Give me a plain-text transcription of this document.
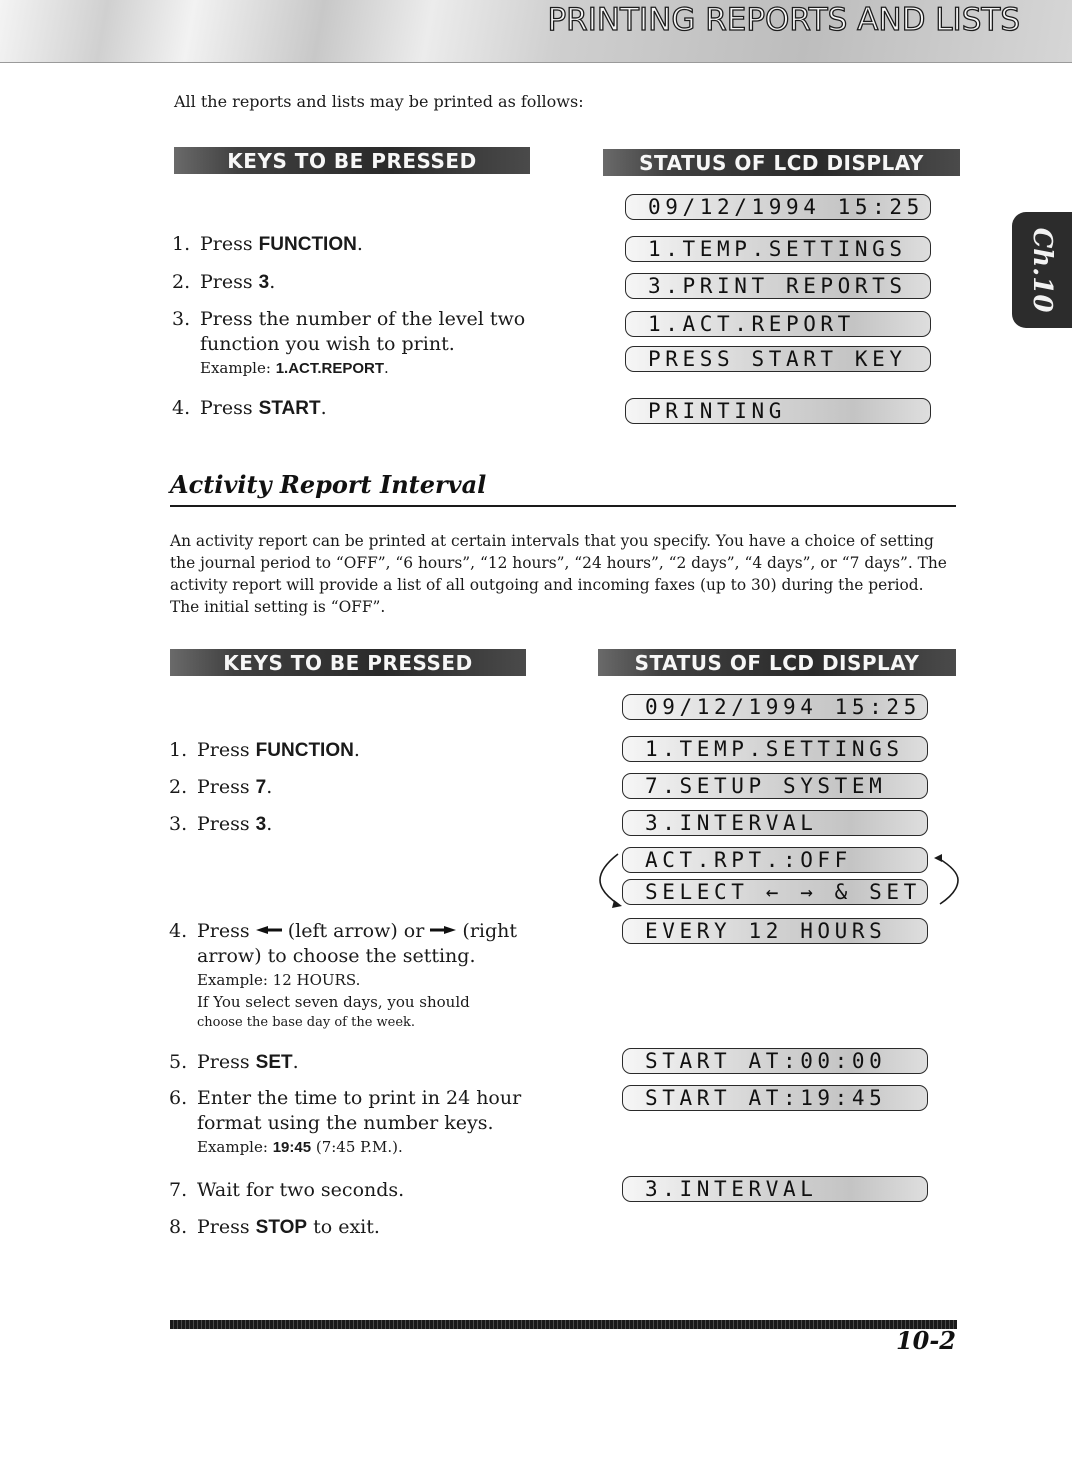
PRINTING REPORTS AND LISTS
Ch.10
All the reports and lists may be printed as follows:
KEYS TO BE PRESSED	STATUS OF LCD DISPLAY
1. Press FUNCTION.
2. Press 3.
3. Press the number of the level two
function you wish to print.
Example: 1.ACT.REPORT.
4. Press START.
09/12/1994 15:25
1.TEMP.SETTINGS
3.PRINT REPORTS
1.ACT.REPORT
PRESS START KEY
PRINTING
Activity Report Interval
An activity report can be printed at certain intervals that you specify. You have a choice of setting
the journal period to “OFF”, “6 hours”, “12 hours”, “24 hours”, “2 days”, “4 days”, or “7 days”. The
activity report will provide a list of all outgoing and incoming faxes (up to 30) during the period.
The initial setting is “OFF”.
KEYS TO BE PRESSED	STATUS OF LCD DISPLAY
1. Press FUNCTION.
2. Press 7.
3. Press 3.
4. Press (left arrow) or (right
arrow) to choose the setting.
Example: 12 HOURS.
If You select seven days, you should
choose the base day of the week.
5. Press SET.
6. Enter the time to print in 24 hour
format using the number keys.
Example: 19:45 (7:45 P.M.).
7. Wait for two seconds.
8. Press STOP to exit.
09/12/1994 15:25
1.TEMP.SETTINGS
7.SETUP SYSTEM
3.INTERVAL
ACT.RPT.:OFF
SELECT ← → & SET
EVERY 12 HOURS
START AT:00:00
START AT:19:45
3.INTERVAL
10-2
